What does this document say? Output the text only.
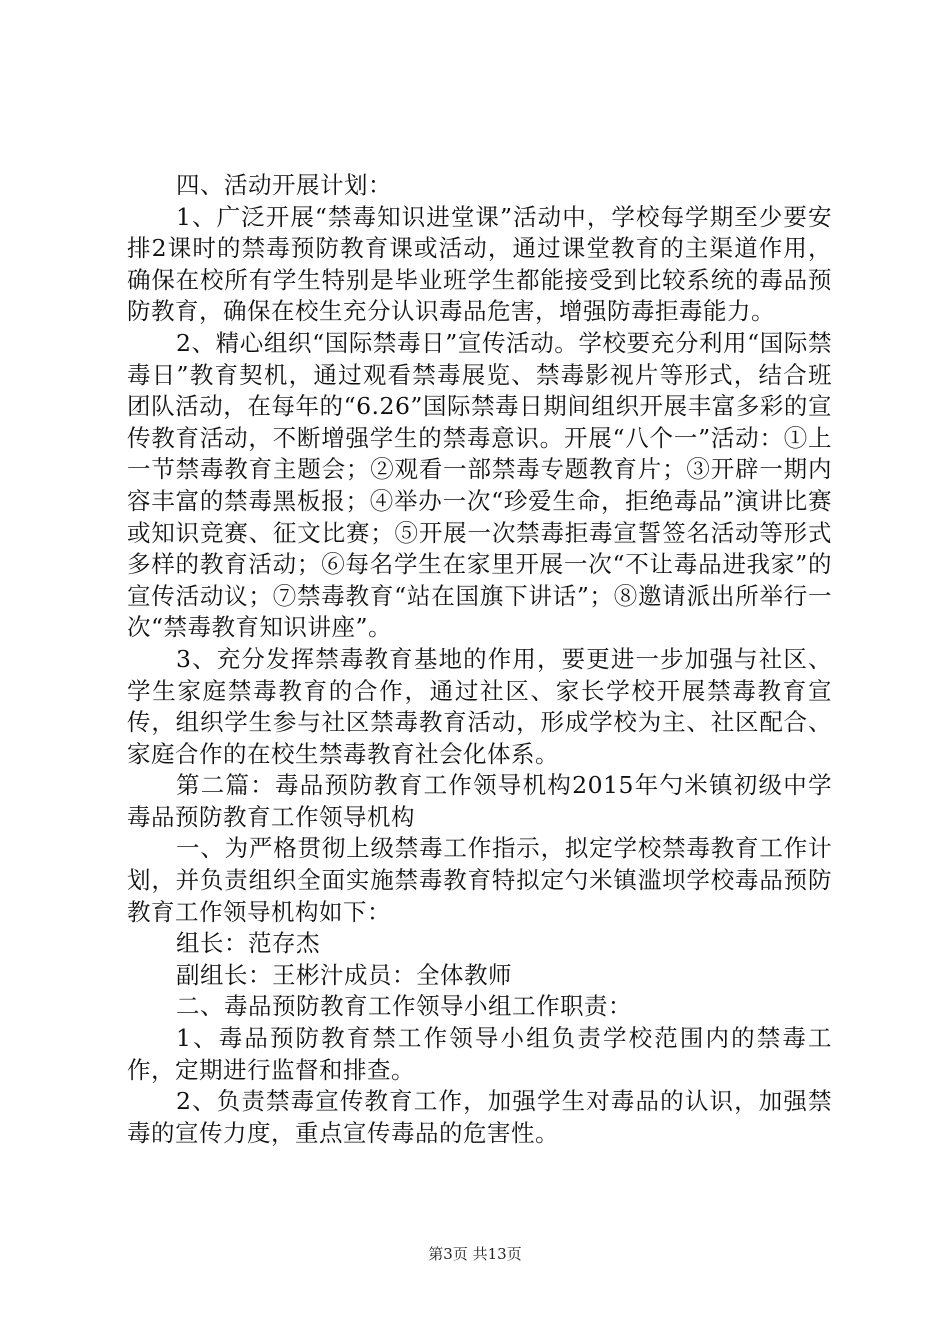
四、活动开展计划：

1、广泛开展“禁毒知识进堂课”活动中，学校每学期至少要安排2课时的禁毒预防教育课或活动，通过课堂教育的主渠道作用，确保在校所有学生特别是毕业班学生都能接受到比较系统的毒品预防教育，确保在校生充分认识毒品危害，增强防毒拒毒能力。

2、精心组织“国际禁毒日”宣传活动。学校要充分利用“国际禁毒日”教育契机，通过观看禁毒展览、禁毒影视片等形式，结合班团队活动，在每年的“6.26”国际禁毒日期间组织开展丰富多彩的宣传教育活动，不断增强学生的禁毒意识。开展“八个一”活动：①上一节禁毒教育主题会；②观看一部禁毒专题教育片；③开辟一期内容丰富的禁毒黑板报；④举办一次“珍爱生命，拒绝毒品”演讲比赛或知识竞赛、征文比赛；⑤开展一次禁毒拒毒宣誓签名活动等形式多样的教育活动；⑥每名学生在家里开展一次“不让毒品进我家”的宣传活动议；⑦禁毒教育“站在国旗下讲话”；⑧邀请派出所举行一次“禁毒教育知识讲座”。

3、充分发挥禁毒教育基地的作用，要更进一步加强与社区、学生家庭禁毒教育的合作，通过社区、家长学校开展禁毒教育宣传，组织学生参与社区禁毒教育活动，形成学校为主、社区配合、家庭合作的在校生禁毒教育社会化体系。

第二篇：毒品预防教育工作领导机构2015年勺米镇初级中学毒品预防教育工作领导机构

一、为严格贯彻上级禁毒工作指示，拟定学校禁毒教育工作计划，并负责组织全面实施禁毒教育特拟定勺米镇滥坝学校毒品预防教育工作领导机构如下：

组长：范存杰

副组长：王彬汁成员：全体教师

二、毒品预防教育工作领导小组工作职责：

1、毒品预防教育禁工作领导小组负责学校范围内的禁毒工作，定期进行监督和排查。

2、负责禁毒宣传教育工作，加强学生对毒品的认识，加强禁毒的宣传力度，重点宣传毒品的危害性。

第3页 共13页
